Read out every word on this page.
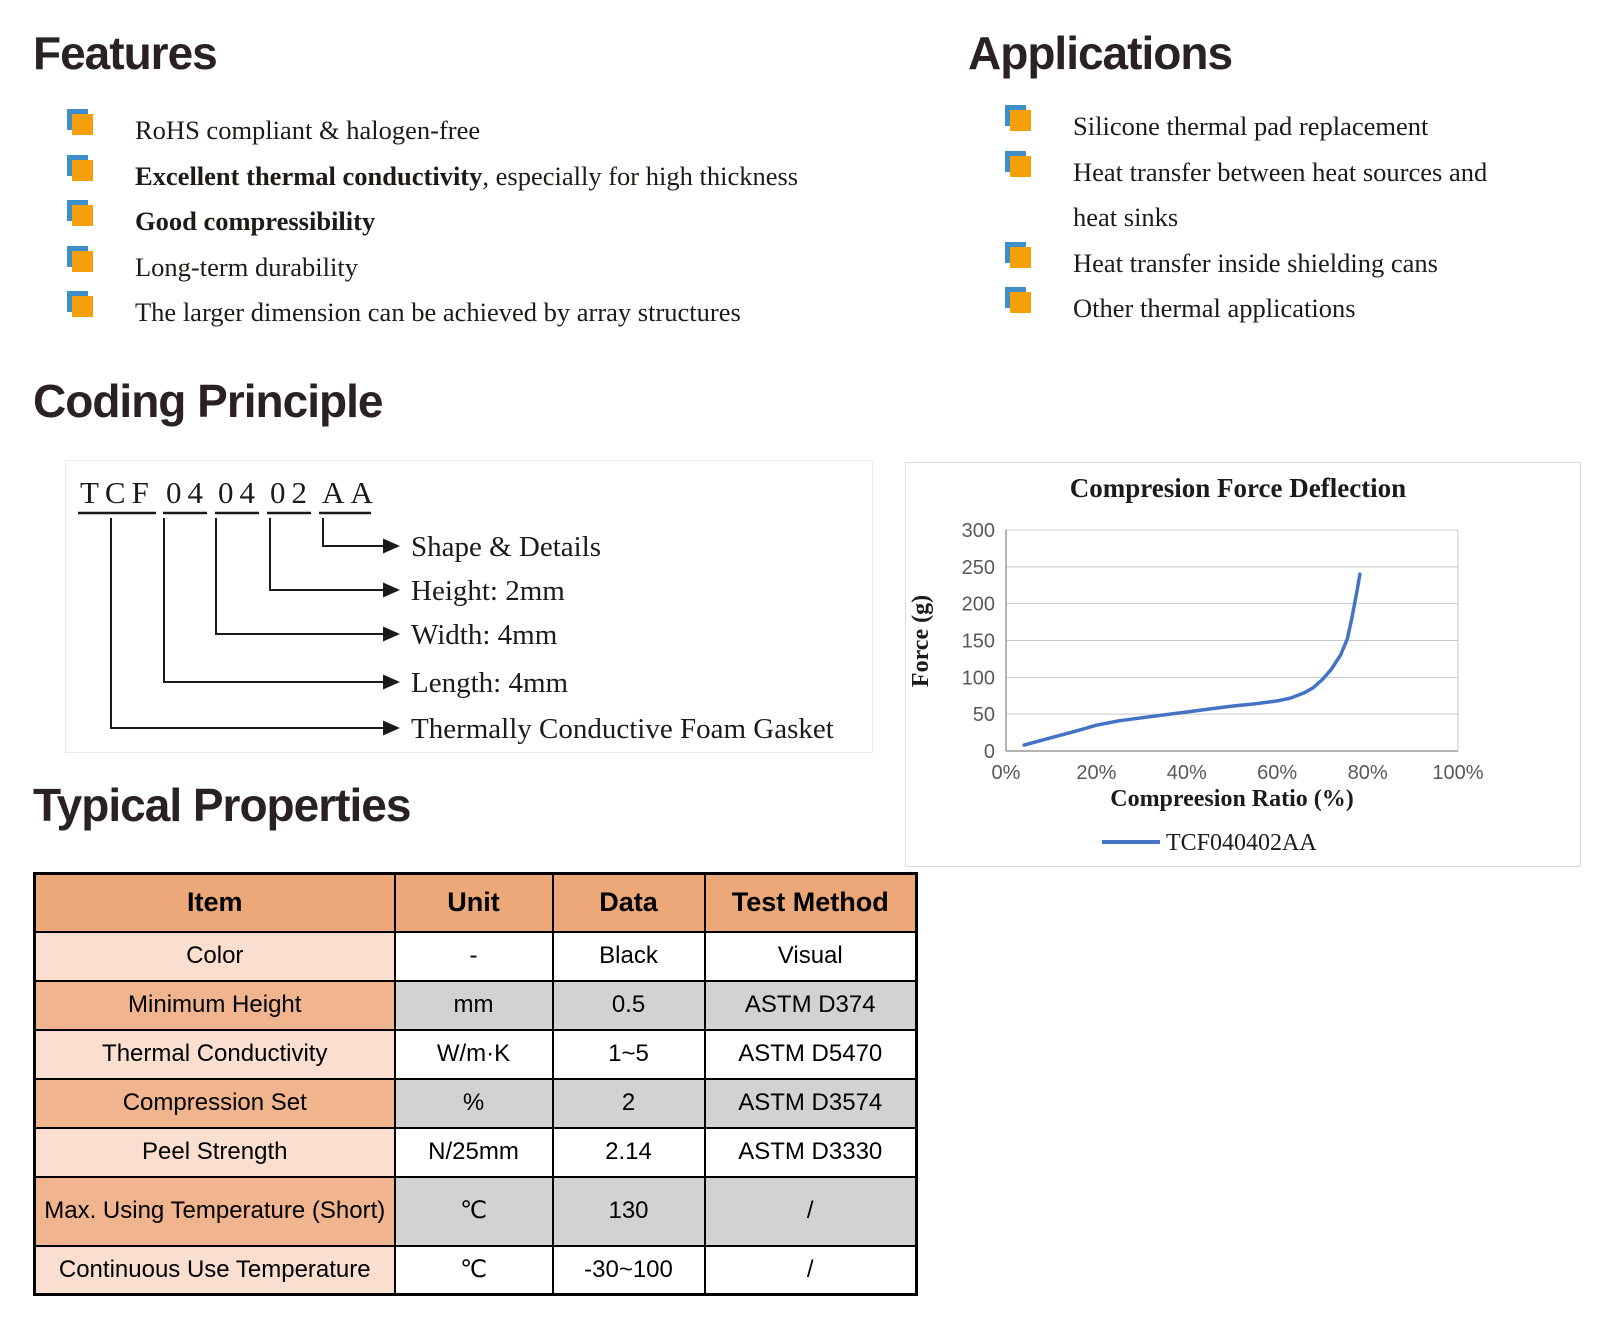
Features
RoHS compliant & halogen-free
Excellent thermal conductivity, especially for high thickness
Good compressibility
Long-term durability
The larger dimension can be achieved by array structures
Applications
Silicone thermal pad replacement
Heat transfer between heat sources and heat sinks
Heat transfer inside shielding cans
Other thermal applications
Coding Principle
TCF 04 04 02 AA
Shape & Details
Height: 2mm
Width: 4mm
Length: 4mm
Thermally Conductive Foam Gasket
Compresion Force Deflection
0
50
100
150
200
250
300
0%	20%	40%	60%	80% 100%
Force (g)
Compreesion Ratio (%)
TCF040402AA
Typical Properties
Item	Unit	Data	Test Method
Color	-	Black	Visual
Minimum Height	mm	0.5	ASTM D374
Thermal Conductivity	W/m·K	1~5	ASTM D5470
Compression Set	%	2	ASTM D3574
Peel Strength	N/25mm	2.14	ASTM D3330
Max. Using Temperature (Short)	℃	130	/
Continuous Use Temperature	℃	-30~100	/
